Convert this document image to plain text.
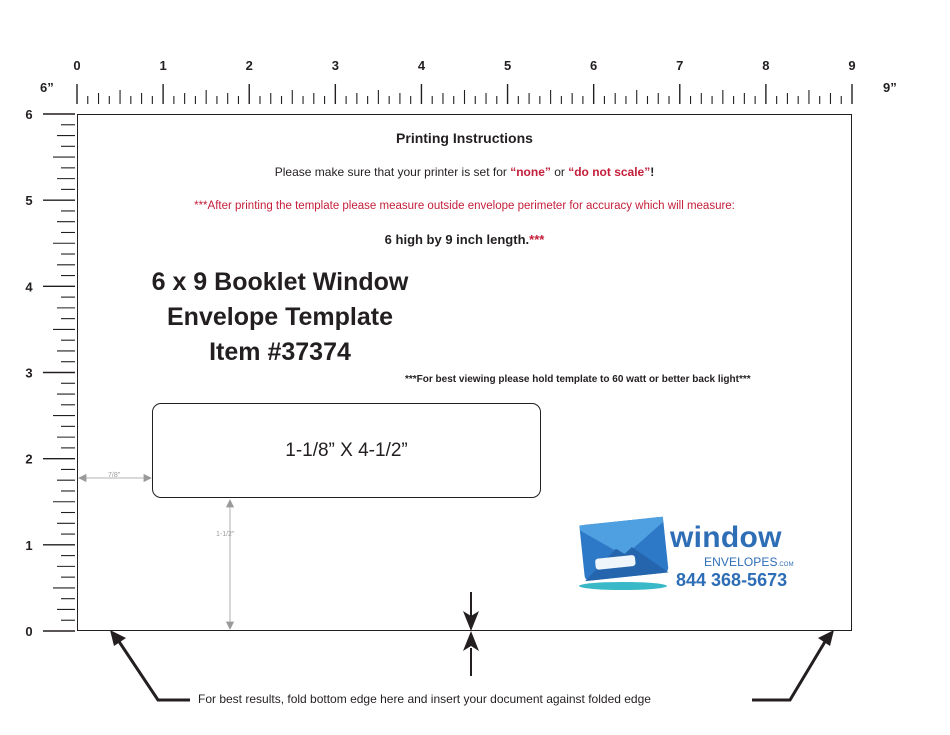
0	1	2	3	4	5	6	7	8	9
6
5
4
3
2
1
0
6”	9”
Printing Instructions
Please make sure that your printer is set for “none” or “do not scale”!
***After printing the template please measure outside envelope perimeter for accuracy which will measure:
6 high by 9 inch length.***
6 x 9 Booklet Window
Envelope Template
Item #37374
***For best viewing please hold template to 60 watt or better back light***
1-1/8” X 4-1/2”
7/8”
1-1/2”
For best results, fold bottom edge here and insert your document against folded edge
window
ENVELOPES.COM
844 368-5673
